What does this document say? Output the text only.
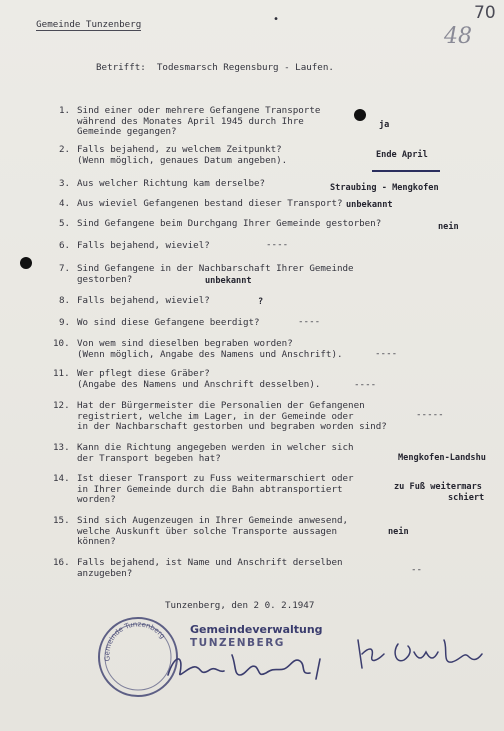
Gemeinde Tunzenberg
	•	70
48
Betrifft: Todesmarsch Regensburg - Laufen.
1. Sind einer oder mehrere Gefangene Transporte
während des Monates April 1945 durch Ihre
Gemeinde gegangen?
ja
2. Falls bejahend, zu welchem Zeitpunkt?
(Wenn möglich, genaues Datum angeben).	Ende April
3. Aus welcher Richtung kam derselbe?	Straubing - Mengkofen
4. Aus wieviel Gefangenen bestand dieser Transport? unbekannt
5. Sind Gefangene beim Durchgang Ihrer Gemeinde gestorben?	nein
6. Falls bejahend, wieviel?	----
7. Sind Gefangene in der Nachbarschaft Ihrer Gemeinde
gestorben?	unbekannt
8. Falls bejahend, wieviel?	?
9. Wo sind diese Gefangene beerdigt?	----
10. Von wem sind dieselben begraben worden?
(Wenn möglich, Angabe des Namens und Anschrift).	----
11. Wer pflegt diese Gräber?
(Angabe des Namens und Anschrift desselben).	----
12. Hat der Bürgermeister die Personalien der Gefangenen
registriert, welche im Lager, in der Gemeinde oder
in der Nachbarschaft gestorben und begraben worden sind?
-----
13. Kann die Richtung angegeben werden in welcher sich
der Transport begeben hat?	Mengkofen-Landshu
14. Ist dieser Transport zu Fuss weitermarschiert oder
in Ihrer Gemeinde durch die Bahn abtransportiert
worden?
zu Fuß weitermars
schiert
15. Sind sich Augenzeugen in Ihrer Gemeinde anwesend,
welche Auskunft über solche Transporte aussagen
können?
nein
16. Falls bejahend, ist Name und Anschrift derselben
anzugeben?	--
Tunzenberg, den 2 0. 2.1947
Gemeinde Tunzenberg
Gemeindeverwaltung
TUNZENBERG
